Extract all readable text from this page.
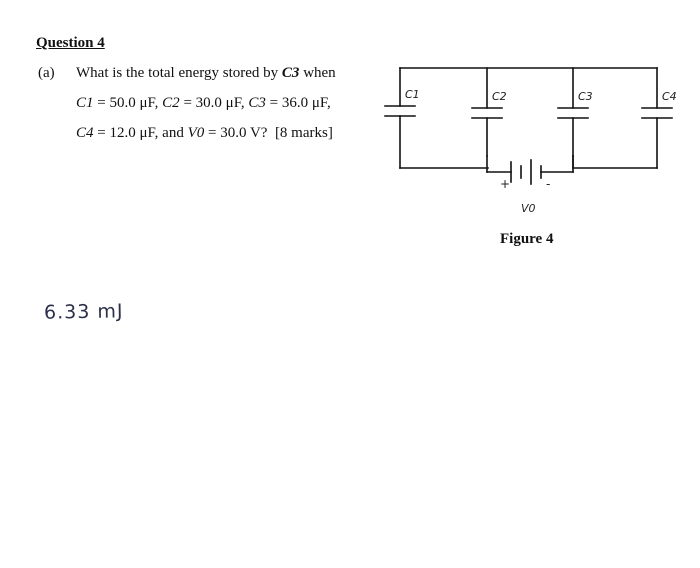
Question 4
(a) What is the total energy stored by C3 when
C1 = 50.0 μF, C2 = 30.0 μF, C3 = 36.0 μF,
C4 = 12.0 μF, and V0 = 30.0 V? [8 marks]
C1	C2	C3	C4
V0
+	-
Figure 4
6.33 mJ
